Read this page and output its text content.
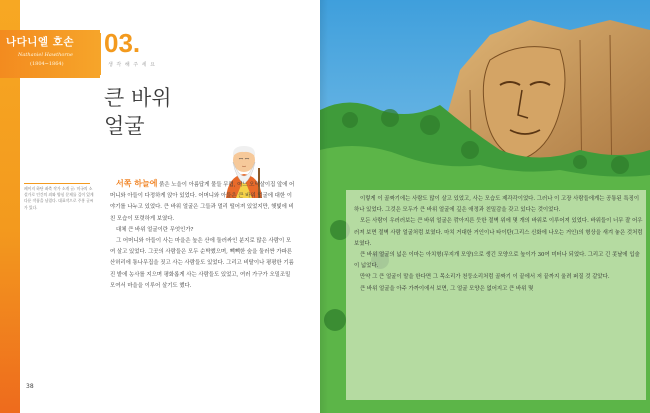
나다니엘 호손
Nathaniel Hawthorne
(1804~1864)
03.
생 각 해 주 세 요
큰 바위
얼굴
페이지 하단 좌측 작가 소개 글: 미국의 소설가로 인간의 죄와 양심 문제를 깊이 있게 다룬 작품을 남겼다. 대표작으로 주홍 글씨가 있다.

서쪽 하늘에 붉은 노을이 아름답게 물들 무렵, 어느 오막살이집 앞에 어머니와 아들이 다정하게 앉아 있었다. 어머니와 아들은 큰 바위 얼굴에 대한 이야기를 나누고 있었다. 큰 바위 얼굴은 그들과 멀리 떨어져 있었지만, 햇빛에 비친 모습이 또렷하게 보였다.

대체 큰 바위 얼굴이란 무엇인가?

그 어머니와 아들이 사는 마을은 높은 산에 둘러싸인 분지로 많은 사람이 모여 살고 있었다. 그곳의 사람들은 모두 순박했으며, 빽빽한 숲을 둘러싼 가파른 산허리에 통나무집을 짓고 사는 사람들도 있었다. 그리고 비탈이나 평평한 기름진 밭에 농사를 지으며 평화롭게 사는 사람들도 있었고, 여러 가구가 오밀조밀 모여서 마을을 이루어 살기도 했다.

38

이렇게 이 골짜기에는 사람도 많이 살고 있었고, 사는 모습도 제각각이었다. 그러나 이 고장 사람들에게는 공통된 특징이 하나 있었다. 그것은 모두가 큰 바위 얼굴에 깊은 애정과 친밀감을 갖고 있다는 것이었다.

모든 사람이 우러러보는 큰 바위 얼굴은 깎아지른 듯한 절벽 위에 몇 개의 바위로 이루어져 있었다. 바위들이 너무 잘 어우러져 보면 절벽 사람 얼굴처럼 보였다. 마치 거대한 거인이나 타이탄(그리스 신화에 나오는 거인)의 형상을 새겨 놓은 것처럼 보였다.

큰 바위 얼굴의 넓은 이마는 아치형(무지개 모양)으로 생긴 모양으로 높이가 30여 미터나 되었다. 그리고 긴 콧날에 입술이 넓었다.

만약 그 큰 얼굴이 말을 한다면 그 목소리가 천둥소리처럼 골짜기 이 끝에서 저 끝까지 울려 퍼질 것 같았다.

큰 바위 얼굴을 아주 가까이에서 보면, 그 얼굴 모양은 없어지고 큰 바위 몇
